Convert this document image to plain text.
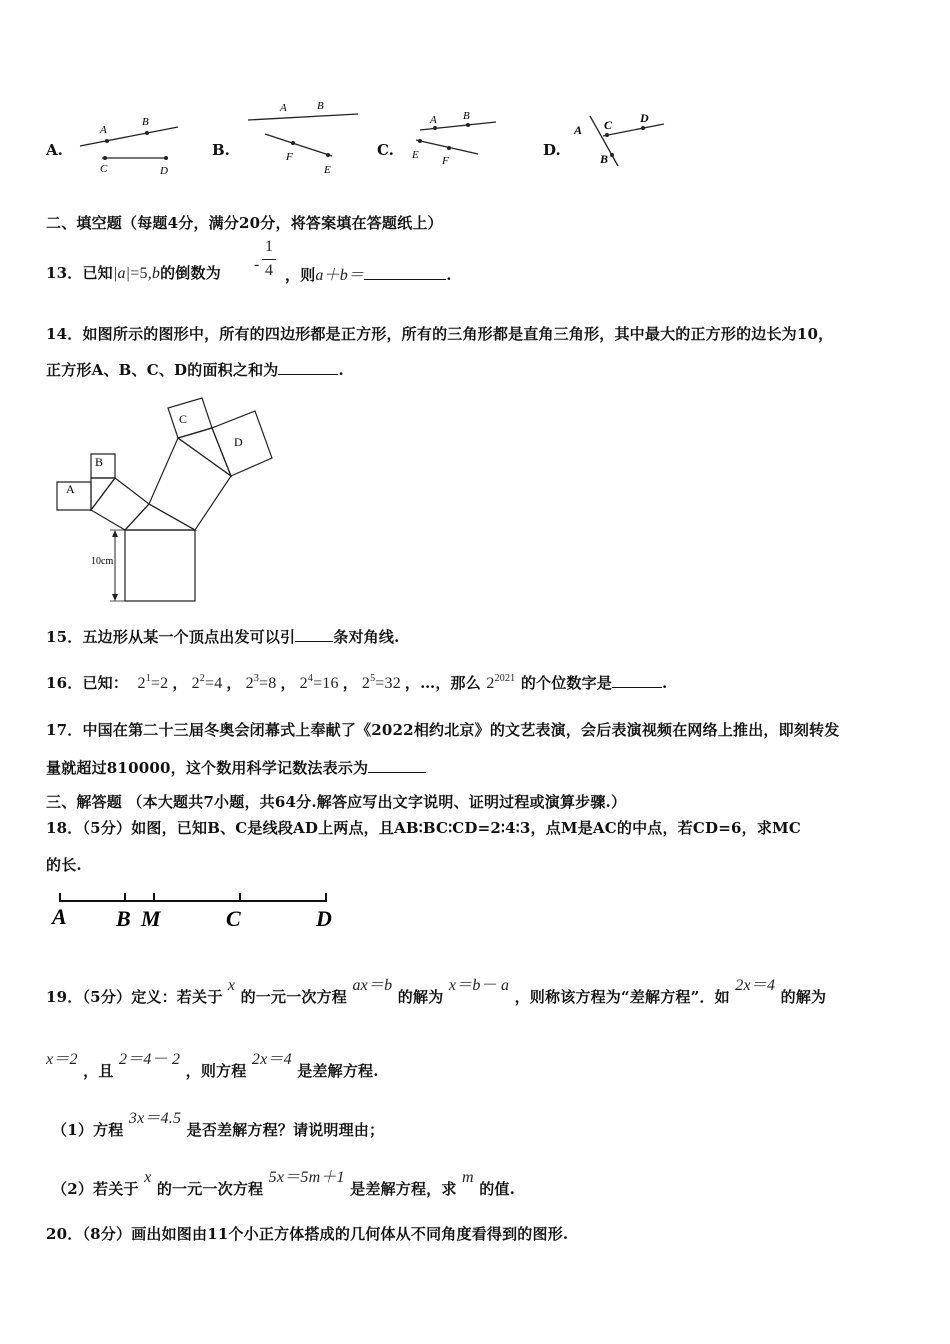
A.
A
B
C	D
B.
A	B
F
E
C.
A B
E F
D.
A C D
B
二、填空题（每题4分，满分20分，将答案填在答题纸上）
13．已知|a|=5,b的倒数为 -
1
4 ，则a＋b＝	.
14．如图所示的图形中，所有的四边形都是正方形，所有的三角形都是直角三角形，其中最大的正方形的边长为10，
正方形A、B、C、D的面积之和为	.
A
B
C
D
10cm
15．五边形从某一个顶点出发可以引	条对角线.
16．已知： $2^1=2$ ， $2^2=4$ ， $2^3=8$ ， $2^4=16$ ， $2^5=32$ ，…，那么 $2^{2021}$ 的个位数字是	.
17．中国在第二十三届冬奥会闭幕式上奉献了《2022相约北京》的文艺表演，会后表演视频在网络上推出，即刻转发
量就超过810000，这个数用科学记数法表示为
三、解答题 （本大题共7小题，共64分.解答应写出文字说明、证明过程或演算步骤.）
18．（5分）如图，已知B、C是线段AD上两点，且AB∶BC∶CD=2∶4∶3，点M是AC的中点，若CD=6，求MC
的长.
A B M	C	D
19．（5分）定义：若关于 x 的一元一次方程 ax＝b 的解为 x＝b－ a ，则称该方程为“差解方程”．如 2x＝4 的解为
x＝2 ，且 2＝4－ 2 ，则方程 2x＝4 是差解方程.
（1）方程 3x＝4.5 是否差解方程？请说明理由；
（2）若关于 x 的一元一次方程 5x＝5m＋1 是差解方程，求 m 的值.
20．（8分）画出如图由11个小正方体搭成的几何体从不同角度看得到的图形.
